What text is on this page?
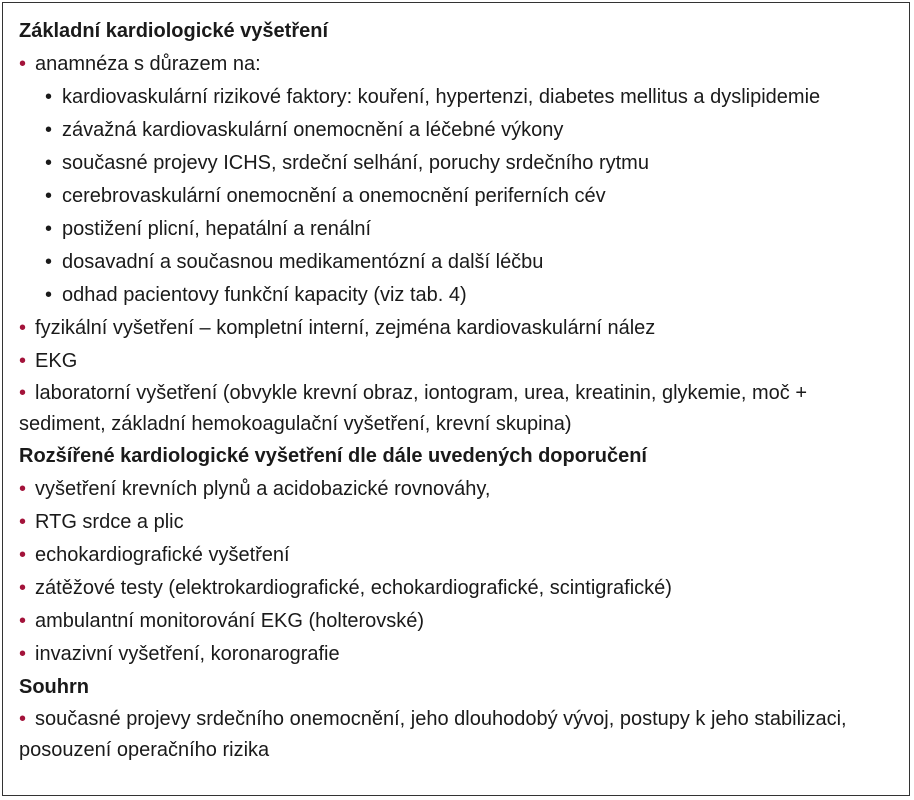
Základní kardiologické vyšetření
• anamnéza s důrazem na:
• kardiovaskulární rizikové faktory: kouření, hypertenzi, diabetes mellitus a dyslipidemie
• závažná kardiovaskulární onemocnění a léčebné výkony
• současné projevy ICHS, srdeční selhání, poruchy srdečního rytmu
• cerebrovaskulární onemocnění a onemocnění periferních cév
• postižení plicní, hepatální a renální
• dosavadní a současnou medikamentózní a další léčbu
• odhad pacientovy funkční kapacity (viz tab. 4)
• fyzikální vyšetření – kompletní interní, zejména kardiovaskulární nález
• EKG
• laboratorní vyšetření (obvykle krevní obraz, iontogram, urea, kreatinin, glykemie, moč + sediment, základní hemokoagulační vyšetření, krevní skupina)
Rozšířené kardiologické vyšetření dle dále uvedených doporučení
• vyšetření krevních plynů a acidobazické rovnováhy,
• RTG srdce a plic
• echokardiografické vyšetření
• zátěžové testy (elektrokardiografické, echokardiografické, scintigrafické)
• ambulantní monitorování EKG (holterovské)
• invazivní vyšetření, koronarografie
Souhrn
• současné projevy srdečního onemocnění, jeho dlouhodobý vývoj, postupy k jeho stabilizaci, posouzení operačního rizika
